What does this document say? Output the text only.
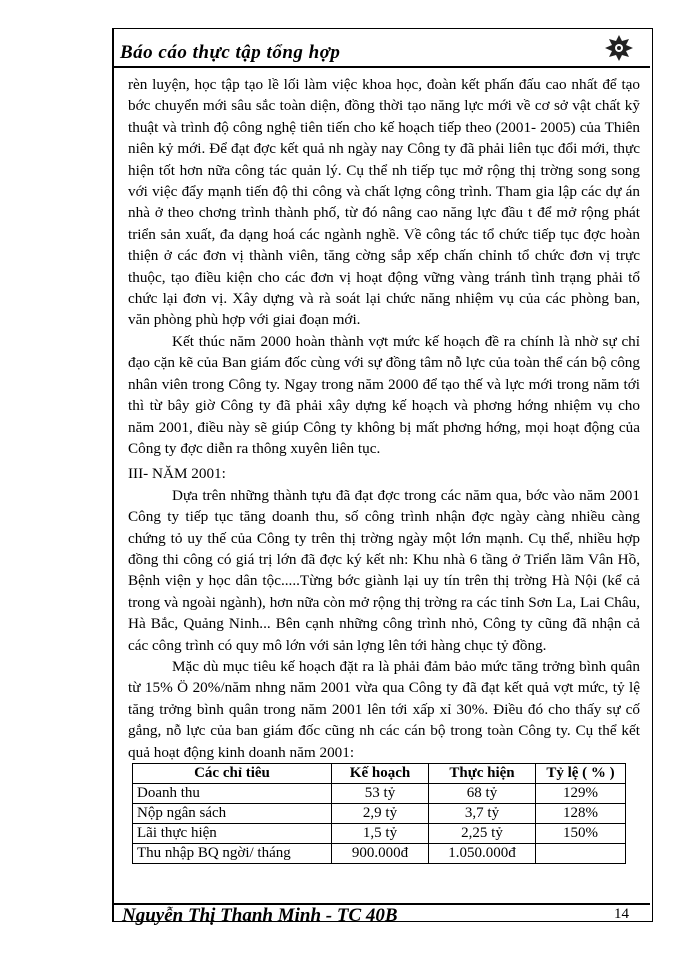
Báo cáo thực tập tổng hợp

rèn luyện, học tập tạo lề lối làm việc khoa học, đoàn kết phấn đấu cao nhất để tạo bớc chuyển mới sâu sắc toàn diện, đồng thời tạo năng lực mới về cơ sở vật chất kỹ thuật và trình độ công nghệ tiên tiến cho kế hoạch tiếp theo (2001- 2005) của Thiên niên kỷ mới. Để đạt đợc kết quả nh ngày nay Công ty đã phải liên tục đổi mới, thực hiện tốt hơn nữa công tác quản lý. Cụ thể nh tiếp tục mở rộng thị trờng song song với việc đẩy mạnh tiến độ thi công và chất lợng công trình. Tham gia lập các dự án nhà ở theo chơng trình thành phố, từ đó nâng cao năng lực đầu t để mở rộng phát triển sản xuất, đa dạng hoá các ngành nghề. Về công tác tổ chức tiếp tục đợc hoàn thiện ở các đơn vị thành viên, tăng cờng sắp xếp chấn chỉnh tổ chức đơn vị trực thuộc, tạo điều kiện cho các đơn vị hoạt động vững vàng tránh tình trạng phải tổ chức lại đơn vị. Xây dựng và rà soát lại chức năng nhiệm vụ của các phòng ban, văn phòng phù hợp với giai đoạn mới.

Kết thúc năm 2000 hoàn thành vợt mức kế hoạch đề ra chính là nhờ sự chỉ đạo cặn kẽ của Ban giám đốc cùng với sự đồng tâm nỗ lực của toàn thể cán bộ công nhân viên trong Công ty. Ngay trong năm 2000 để tạo thế và lực mới trong năm tới thì từ bây giờ Công ty đã phải xây dựng kế hoạch và phơng hớng nhiệm vụ cho năm 2001, điều này sẽ giúp Công ty không bị mất phơng hớng, mọi hoạt động của Công ty đợc diễn ra thông xuyên liên tục.

III- NĂM 2001:

Dựa trên những thành tựu đã đạt đợc trong các năm qua, bớc vào năm 2001 Công ty tiếp tục tăng doanh thu, số công trình nhận đợc ngày càng nhiều càng chứng tỏ uy thế của Công ty trên thị trờng ngày một lớn mạnh. Cụ thể, nhiều hợp đồng thi công có giá trị lớn đã đợc ký kết nh: Khu nhà 6 tầng ở Triển lãm Vân Hồ, Bệnh viện y học dân tộc.....Từng bớc giành lại uy tín trên thị trờng Hà Nội (kể cả trong và ngoài ngành), hơn nữa còn mở rộng thị trờng ra các tỉnh Sơn La, Lai Châu, Hà Bắc, Quảng Ninh... Bên cạnh những công trình nhỏ, Công ty cũng đã nhận cả các công trình có quy mô lớn với sản lợng lên tới hàng chục tỷ đồng.

Mặc dù mục tiêu kế hoạch đặt ra là phải đảm bảo mức tăng trởng bình quân từ 15% Ö 20%/năm nhng năm 2001 vừa qua Công ty đã đạt kết quả vợt mức, tỷ lệ tăng trởng bình quân trong năm 2001 lên tới xấp xỉ 30%. Điều đó cho thấy sự cố gắng, nỗ lực của ban giám đốc cũng nh các cán bộ trong toàn Công ty. Cụ thể kết quả hoạt động kinh doanh năm 2001:

Các chỉ tiêu	Kế hoạch	Thực hiện	Tỷ lệ ( % )
Doanh thu	53 tỷ	68 tỷ	129%
Nộp ngân sách	2,9 tỷ	3,7 tỷ	128%
Lãi thực hiện	1,5 tỷ	2,25 tỷ	150%
Thu nhập BQ ngời/ tháng	900.000đ	1.050.000đ	
Nguyễn Thị Thanh Minh - TC 40B	14
